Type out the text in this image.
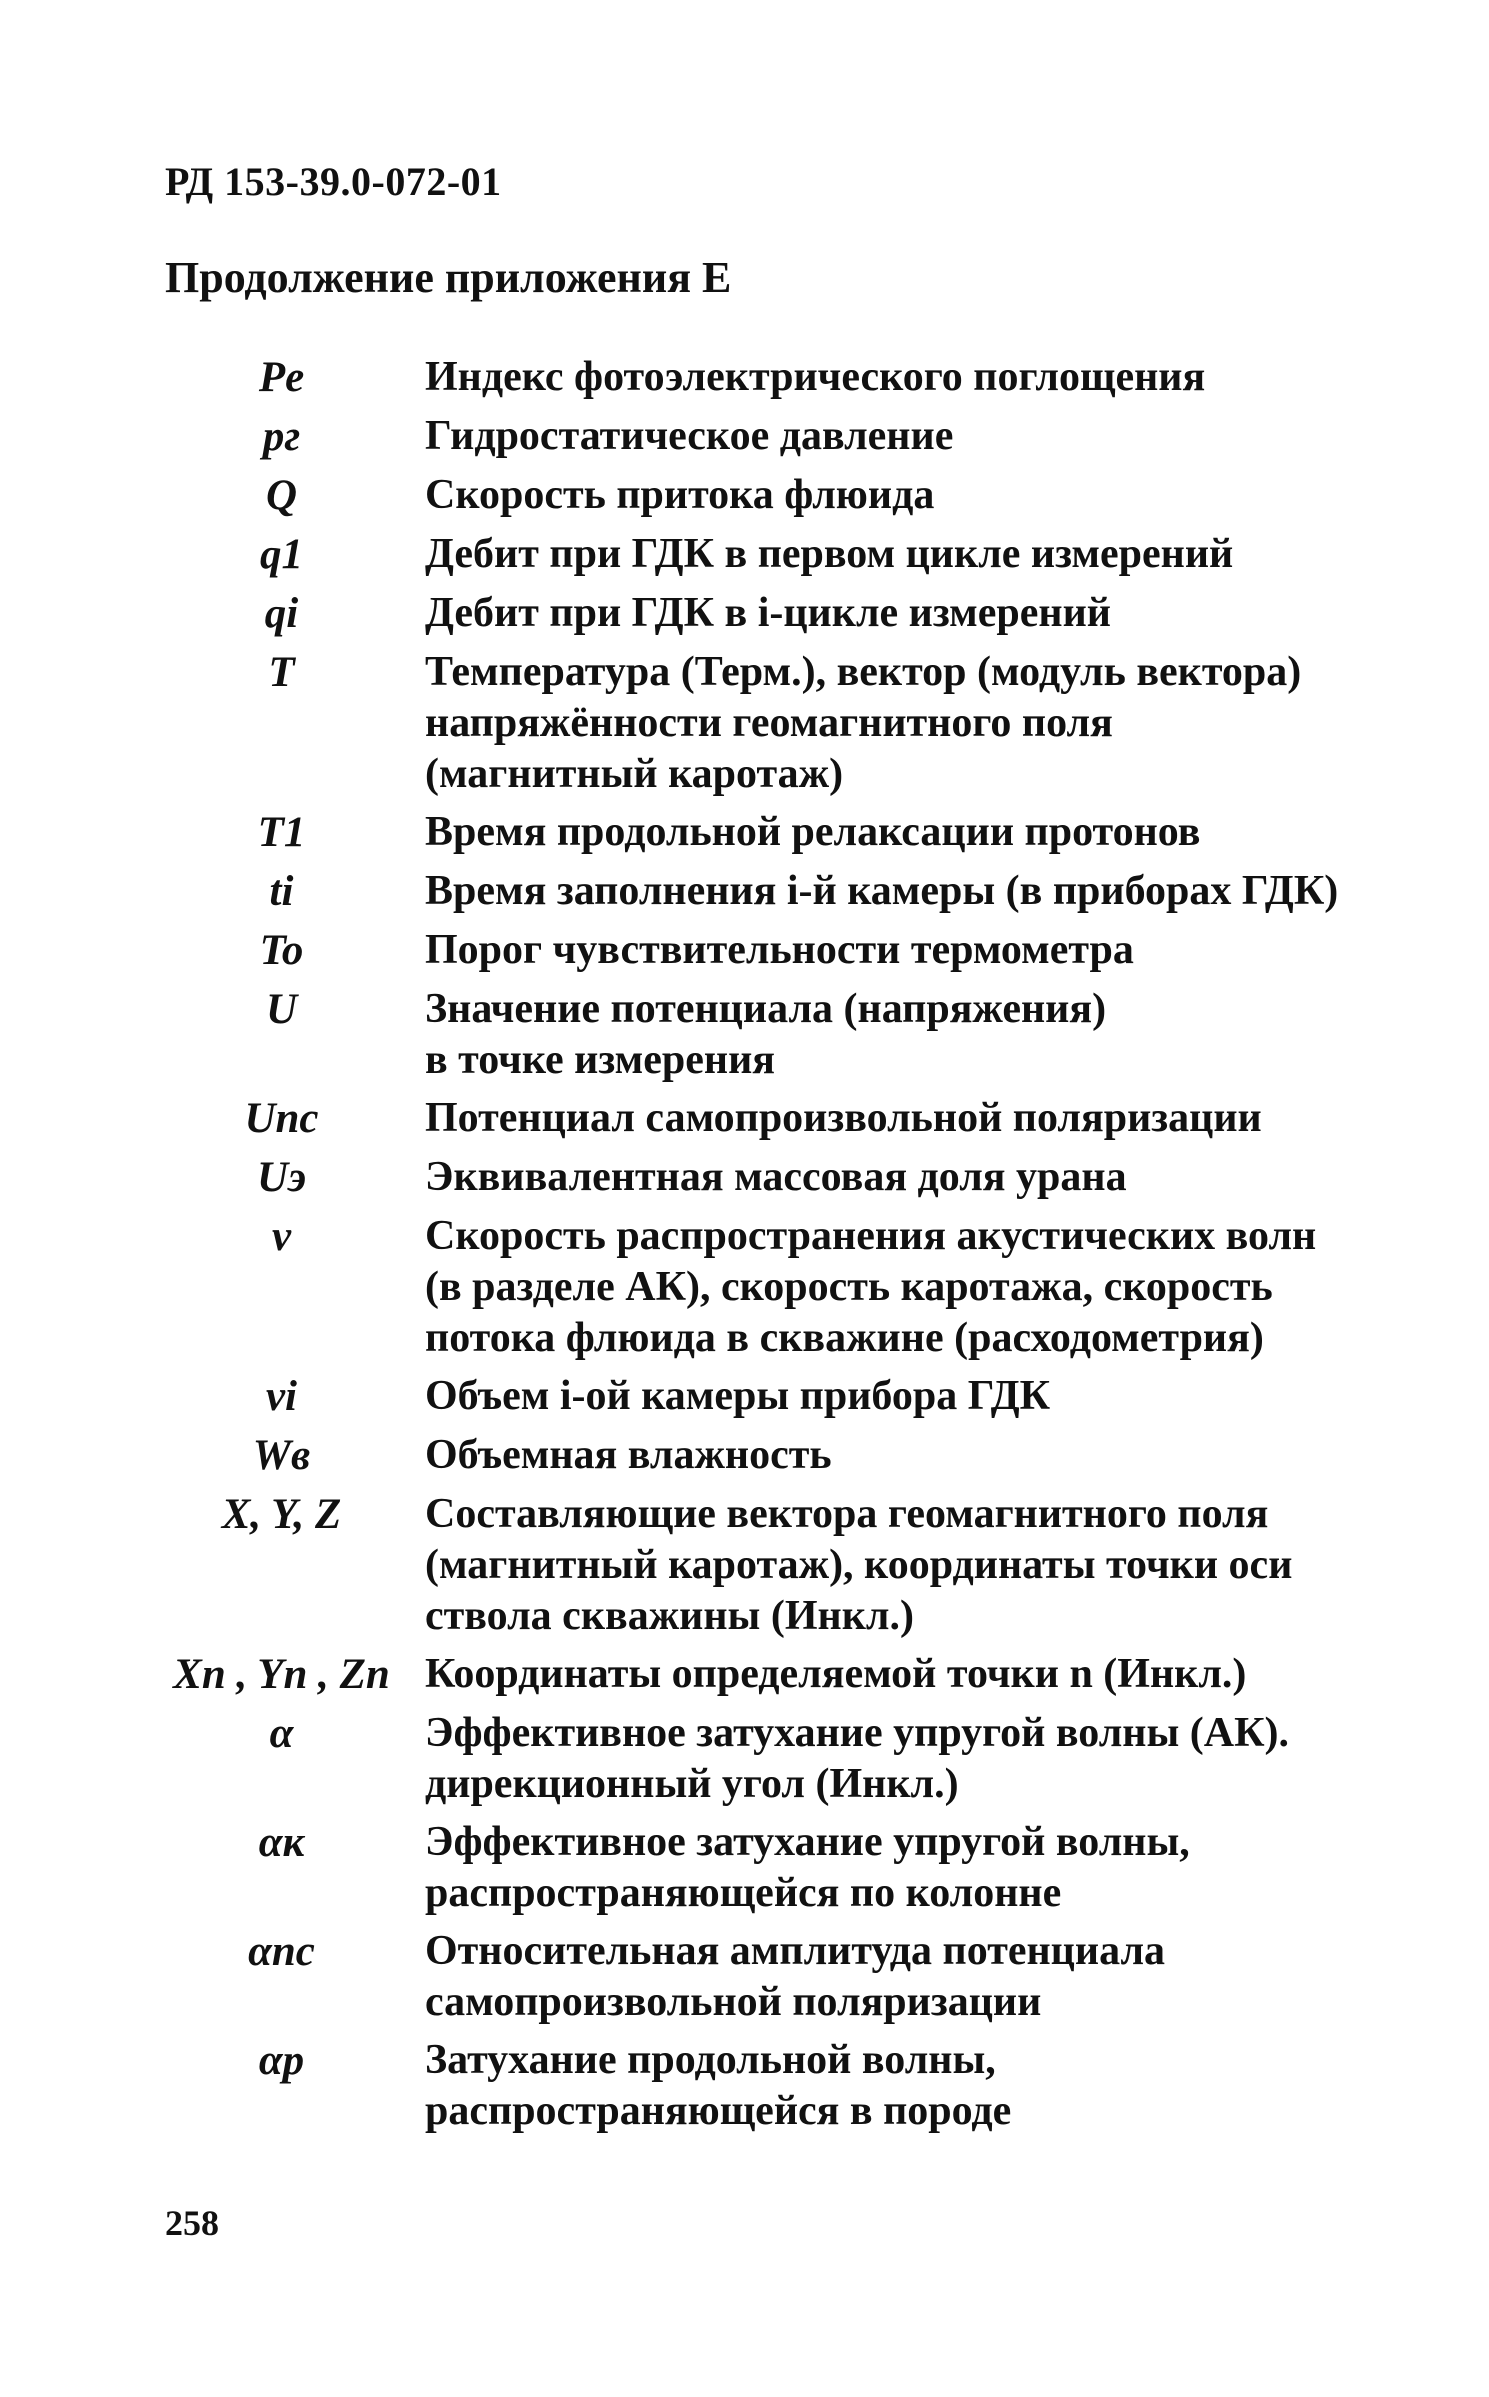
РД 153-39.0-072-01
Продолжение приложения Е
Pe	Индекс фотоэлектрического поглощения
pг	Гидростатическое давление
Q	Скорость притока флюида
q1	Дебит при ГДК в первом цикле измерений
qi	Дебит при ГДК в i-цикле измерений
T	Температура (Терм.), вектор (модуль вектора)
напряжённости геомагнитного поля
(магнитный каротаж)
T1	Время продольной релаксации протонов
ti	Время заполнения i-й камеры (в приборах ГДК)
To	Порог чувствительности термометра
U	Значение потенциала (напряжения)
в точке измерения
Uпс	Потенциал самопроизвольной поляризации
Uэ	Эквивалентная массовая доля урана
v	Скорость распространения акустических волн
(в разделе АК), скорость каротажа, скорость
потока флюида в скважине (расходометрия)
vi	Объем i-ой камеры прибора ГДК
Wв	Объемная влажность
X, Y, Z	Составляющие вектора геомагнитного поля
(магнитный каротаж), координаты точки оси
ствола скважины (Инкл.)
Xn , Yn , Zn Координаты определяемой точки n (Инкл.)
α	Эффективное затухание упругой волны (АК).
дирекционный угол (Инкл.)
αк	Эффективное затухание упругой волны,
распространяющейся по колонне
αпс	Относительная амплитуда потенциала
самопроизвольной поляризации
αp	Затухание продольной волны,
распространяющейся в породе
258
